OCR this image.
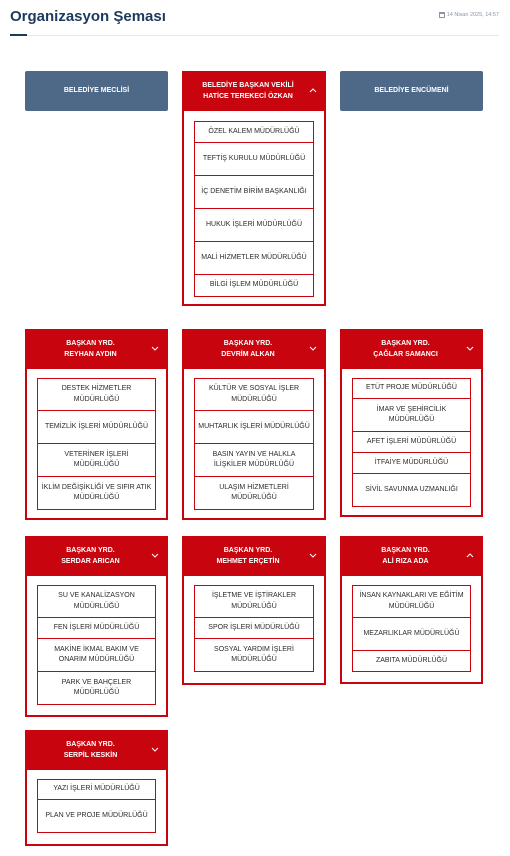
Organizasyon Şeması	14 Nisan 2025, 14:57
BELEDİYE MECLİSİ
BELEDİYE BAŞKAN VEKİLİ
HATİCE TEREKECİ ÖZKAN
ÖZEL KALEM MÜDÜRLÜĞÜ
TEFTİŞ KURULU MÜDÜRLÜĞÜ
İÇ DENETİM BİRİM BAŞKANLIĞI
HUKUK İŞLERİ MÜDÜRLÜĞÜ
MALİ HİZMETLER MÜDÜRLÜĞÜ
BİLGİ İŞLEM MÜDÜRLÜĞÜ
BELEDİYE ENCÜMENİ
BAŞKAN YRD.
REYHAN AYDIN
DESTEK HİZMETLER MÜDÜRLÜĞÜ
TEMİZLİK İŞLERİ MÜDÜRLÜĞÜ
VETERİNER İŞLERİ MÜDÜRLÜĞÜ
İKLİM DEĞİŞİKLİĞİ VE SIFIR ATIK MÜDÜRLÜĞÜ
BAŞKAN YRD.
DEVRİM ALKAN
KÜLTÜR VE SOSYAL İŞLER MÜDÜRLÜĞÜ
MUHTARLIK İŞLERİ MÜDÜRLÜĞÜ
BASIN YAYIN VE HALKLA İLİŞKİLER MÜDÜRLÜĞÜ
ULAŞIM HİZMETLERİ MÜDÜRLÜĞÜ
BAŞKAN YRD.
ÇAĞLAR SAMANCI
ETÜT PROJE MÜDÜRLÜĞÜ
İMAR VE ŞEHİRCİLİK MÜDÜRLÜĞÜ
AFET İŞLERİ MÜDÜRLÜĞÜ
İTFAİYE MÜDÜRLÜĞÜ
SİVİL SAVUNMA UZMANLIĞI
BAŞKAN YRD.
SERDAR ARICAN
SU VE KANALİZASYON MÜDÜRLÜĞÜ
FEN İŞLERİ MÜDÜRLÜĞÜ
MAKİNE İKMAL BAKIM VE ONARIM MÜDÜRLÜĞÜ
PARK VE BAHÇELER MÜDÜRLÜĞÜ
BAŞKAN YRD.
MEHMET ERÇETİN
İŞLETME VE İŞTİRAKLER MÜDÜRLÜĞÜ
SPOR İŞLERİ MÜDÜRLÜĞÜ
SOSYAL YARDIM İŞLERİ MÜDÜRLÜĞÜ
BAŞKAN YRD.
ALİ RIZA ADA
İNSAN KAYNAKLARI VE EĞİTİM MÜDÜRLÜĞÜ
MEZARLIKLAR MÜDÜRLÜĞÜ
ZABITA MÜDÜRLÜĞÜ
BAŞKAN YRD.
SERPİL KESKİN
YAZI İŞLERİ MÜDÜRLÜĞÜ
PLAN VE PROJE MÜDÜRLÜĞÜ
